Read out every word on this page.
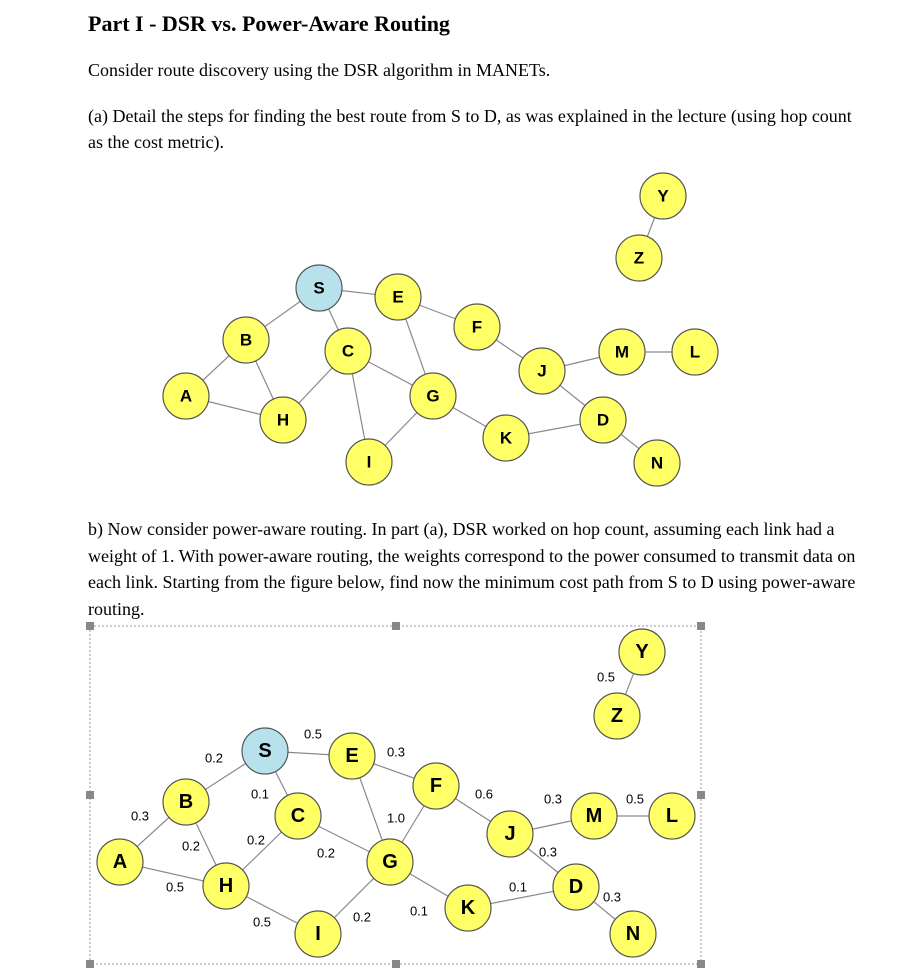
Part I - DSR vs. Power-Aware Routing
Consider route discovery using the DSR algorithm in MANETs.
(a) Detail the steps for finding the best route from S to D, as was explained in the lecture (using hop count as the cost metric).
b) Now consider power-aware routing. In part (a), DSR worked on hop count, assuming each link had a weight of 1. With power-aware routing, the weights correspond to the power consumed to transmit data on each link. Starting from the figure below, find now the minimum cost path from S to D using power-aware routing.
S	E
B
C
F
M	L
J
A	G
H	D
K
I	N
Z
Y
0.5
0.3
0.2
0.1	0.6	0.3	0.5
0.3	1.0
0.2
0.2	0.2
0.5	0.1
0.3
0.1
0.5	0.2
0.5
0.3
S	E
B
C
F
M	L
J
A	G
H	D
K
I	N
Z
Y
